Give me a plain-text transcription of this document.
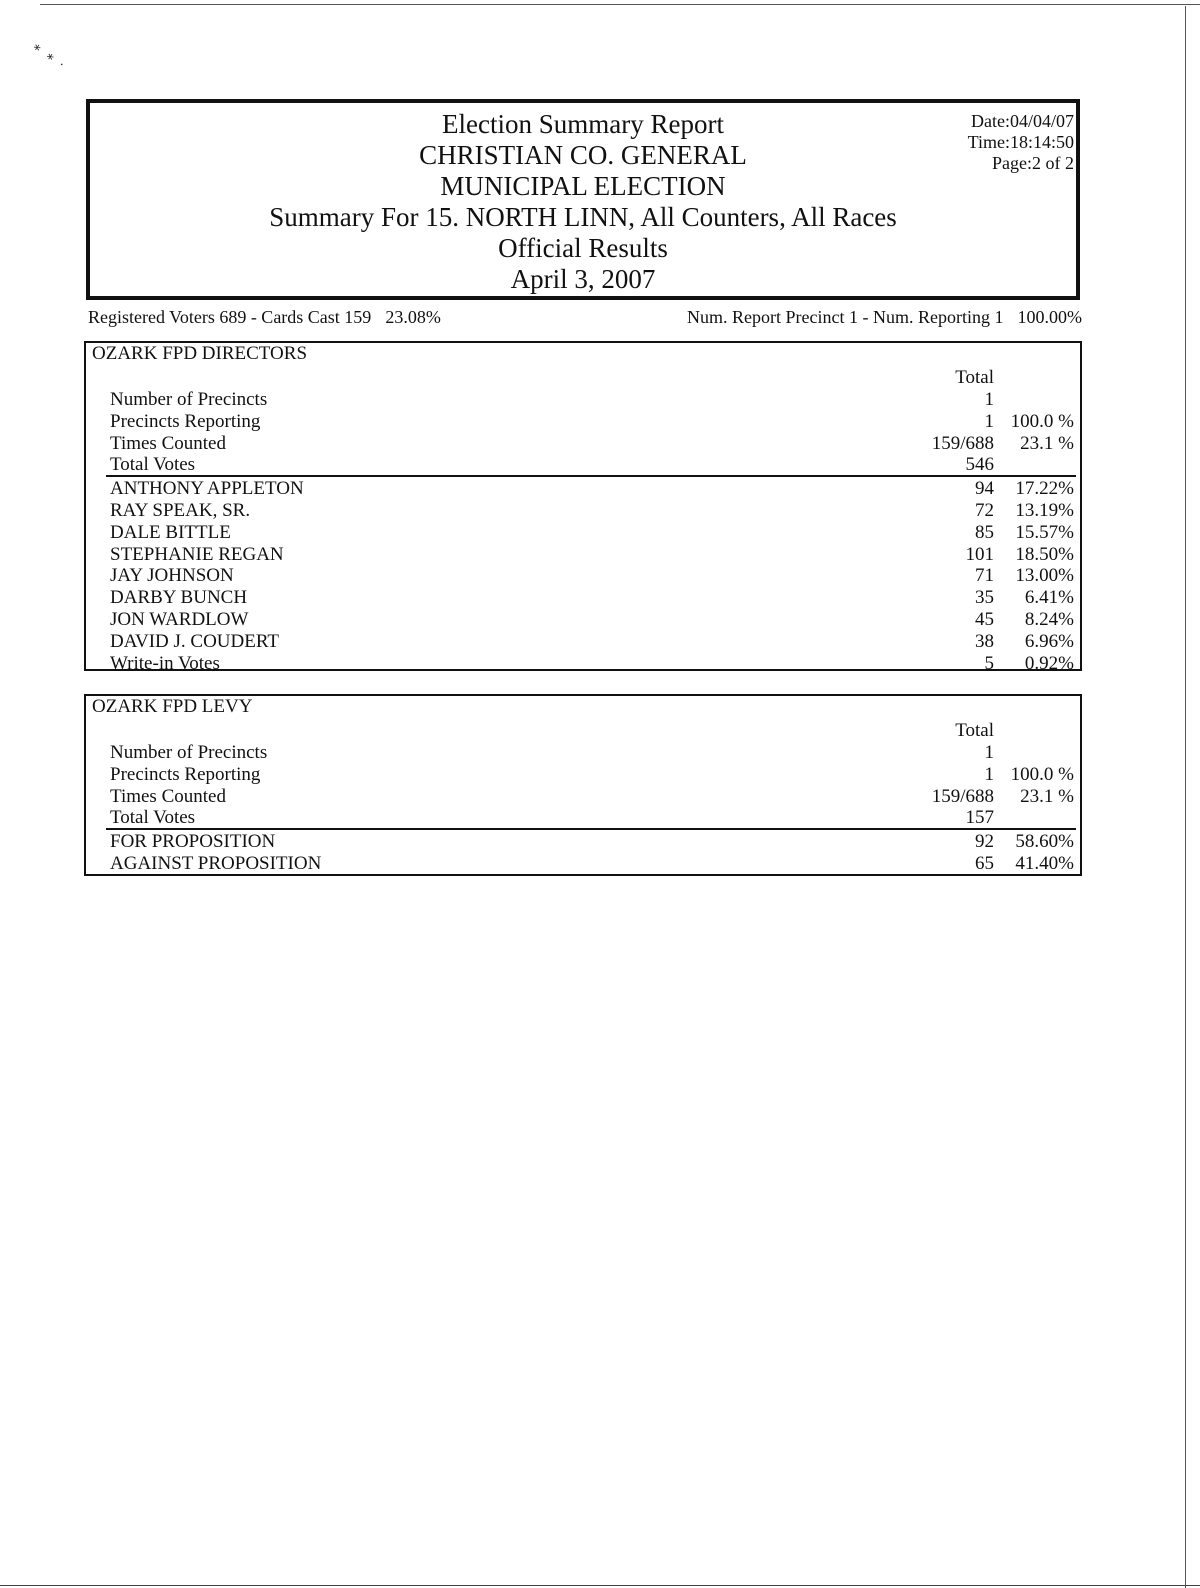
∗ ∗ ·
Election Summary Report
CHRISTIAN CO. GENERAL
MUNICIPAL ELECTION
Summary For 15. NORTH LINN, All Counters, All Races
Official Results
April 3, 2007
Date:04/04/07
Time:18:14:50
Page:2 of 2
Registered Voters 689 - Cards Cast 159 23.08%	Num. Report Precinct 1 - Num. Reporting 1 100.00%
OZARK FPD DIRECTORS
Total
Number of Precincts	1
Precincts Reporting	1 100.0 %
Times Counted	159/688	23.1 %
Total Votes	546
ANTHONY APPLETON	94	17.22%
RAY SPEAK, SR.	72	13.19%
DALE BITTLE	85	15.57%
STEPHANIE REGAN	101	18.50%
JAY JOHNSON	71	13.00%
DARBY BUNCH	35	6.41%
JON WARDLOW	45	8.24%
DAVID J. COUDERT	38	6.96%
Write-in Votes	5	0.92%
OZARK FPD LEVY
Total
Number of Precincts	1
Precincts Reporting	1 100.0 %
Times Counted	159/688	23.1 %
Total Votes	157
FOR PROPOSITION	92	58.60%
AGAINST PROPOSITION	65	41.40%
